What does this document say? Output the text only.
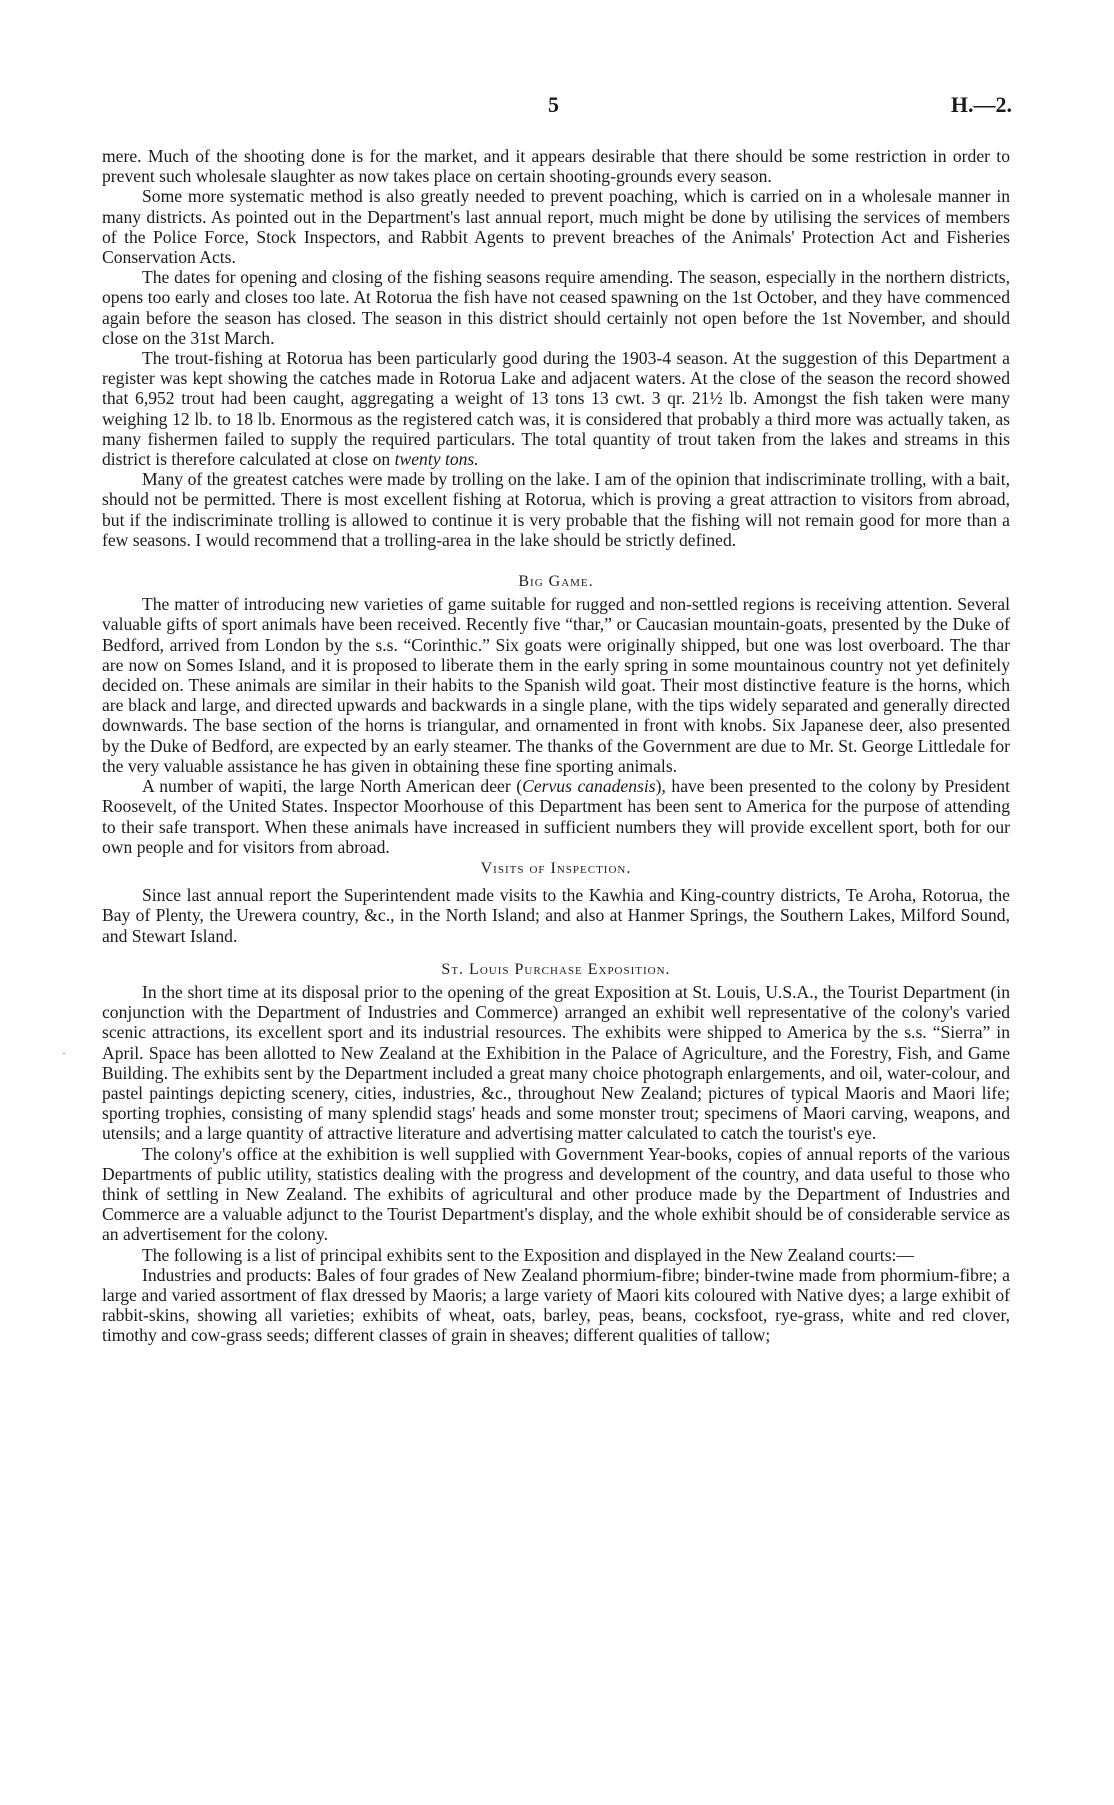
5	H.—2.
·

mere. Much of the shooting done is for the market, and it appears desirable that there should be some restriction in order to prevent such wholesale slaughter as now takes place on certain shooting-grounds every season.

Some more systematic method is also greatly needed to prevent poaching, which is carried on in a wholesale manner in many districts. As pointed out in the Department's last annual report, much might be done by utilising the services of members of the Police Force, Stock Inspectors, and Rabbit Agents to prevent breaches of the Animals' Protection Act and Fisheries Conservation Acts.

The dates for opening and closing of the fishing seasons require amending. The season, especially in the northern districts, opens too early and closes too late. At Rotorua the fish have not ceased spawning on the 1st October, and they have commenced again before the season has closed. The season in this district should certainly not open before the 1st November, and should close on the 31st March.

The trout-fishing at Rotorua has been particularly good during the 1903-4 season. At the suggestion of this Department a register was kept showing the catches made in Rotorua Lake and adjacent waters. At the close of the season the record showed that 6,952 trout had been caught, aggregating a weight of 13 tons 13 cwt. 3 qr. 21½ lb. Amongst the fish taken were many weighing 12 lb. to 18 lb. Enormous as the registered catch was, it is considered that probably a third more was actually taken, as many fishermen failed to supply the required particulars. The total quantity of trout taken from the lakes and streams in this district is therefore calculated at close on twenty tons.

Many of the greatest catches were made by trolling on the lake. I am of the opinion that indiscriminate trolling, with a bait, should not be permitted. There is most excellent fishing at Rotorua, which is proving a great attraction to visitors from abroad, but if the indiscriminate trolling is allowed to continue it is very probable that the fishing will not remain good for more than a few seasons. I would recommend that a trolling-area in the lake should be strictly defined.

Big Game.

The matter of introducing new varieties of game suitable for rugged and non-settled regions is receiving attention. Several valuable gifts of sport animals have been received. Recently five “thar,” or Caucasian mountain-goats, presented by the Duke of Bedford, arrived from London by the s.s. “Corinthic.” Six goats were originally shipped, but one was lost overboard. The thar are now on Somes Island, and it is proposed to liberate them in the early spring in some mountainous country not yet definitely decided on. These animals are similar in their habits to the Spanish wild goat. Their most distinctive feature is the horns, which are black and large, and directed upwards and backwards in a single plane, with the tips widely separated and generally directed downwards. The base section of the horns is triangular, and ornamented in front with knobs. Six Japanese deer, also presented by the Duke of Bedford, are expected by an early steamer. The thanks of the Government are due to Mr. St. George Littledale for the very valuable assistance he has given in obtaining these fine sporting animals.

A number of wapiti, the large North American deer (Cervus canadensis), have been presented to the colony by President Roosevelt, of the United States. Inspector Moorhouse of this Department has been sent to America for the purpose of attending to their safe transport. When these animals have increased in sufficient numbers they will provide excellent sport, both for our own people and for visitors from abroad.

Visits of Inspection.

Since last annual report the Superintendent made visits to the Kawhia and King-country districts, Te Aroha, Rotorua, the Bay of Plenty, the Urewera country, &c., in the North Island; and also at Hanmer Springs, the Southern Lakes, Milford Sound, and Stewart Island.

St. Louis Purchase Exposition.

In the short time at its disposal prior to the opening of the great Exposition at St. Louis, U.S.A., the Tourist Department (in conjunction with the Department of Industries and Commerce) arranged an exhibit well representative of the colony's varied scenic attractions, its excellent sport and its industrial resources. The exhibits were shipped to America by the s.s. “Sierra” in April. Space has been allotted to New Zealand at the Exhibition in the Palace of Agriculture, and the Forestry, Fish, and Game Building. The exhibits sent by the Department included a great many choice photograph enlargements, and oil, water-colour, and pastel paintings depicting scenery, cities, industries, &c., throughout New Zealand; pictures of typical Maoris and Maori life; sporting trophies, consisting of many splendid stags' heads and some monster trout; specimens of Maori carving, weapons, and utensils; and a large quantity of attractive literature and advertising matter calculated to catch the tourist's eye.

The colony's office at the exhibition is well supplied with Government Year-books, copies of annual reports of the various Departments of public utility, statistics dealing with the progress and development of the country, and data useful to those who think of settling in New Zealand. The exhibits of agricultural and other produce made by the Department of Industries and Commerce are a valuable adjunct to the Tourist Department's display, and the whole exhibit should be of considerable service as an advertisement for the colony.

The following is a list of principal exhibits sent to the Exposition and displayed in the New Zealand courts:—

Industries and products: Bales of four grades of New Zealand phormium-fibre; binder-twine made from phormium-fibre; a large and varied assortment of flax dressed by Maoris; a large variety of Maori kits coloured with Native dyes; a large exhibit of rabbit-skins, showing all varieties; exhibits of wheat, oats, barley, peas, beans, cocksfoot, rye-grass, white and red clover, timothy and cow-grass seeds; different classes of grain in sheaves; different qualities of tallow;
